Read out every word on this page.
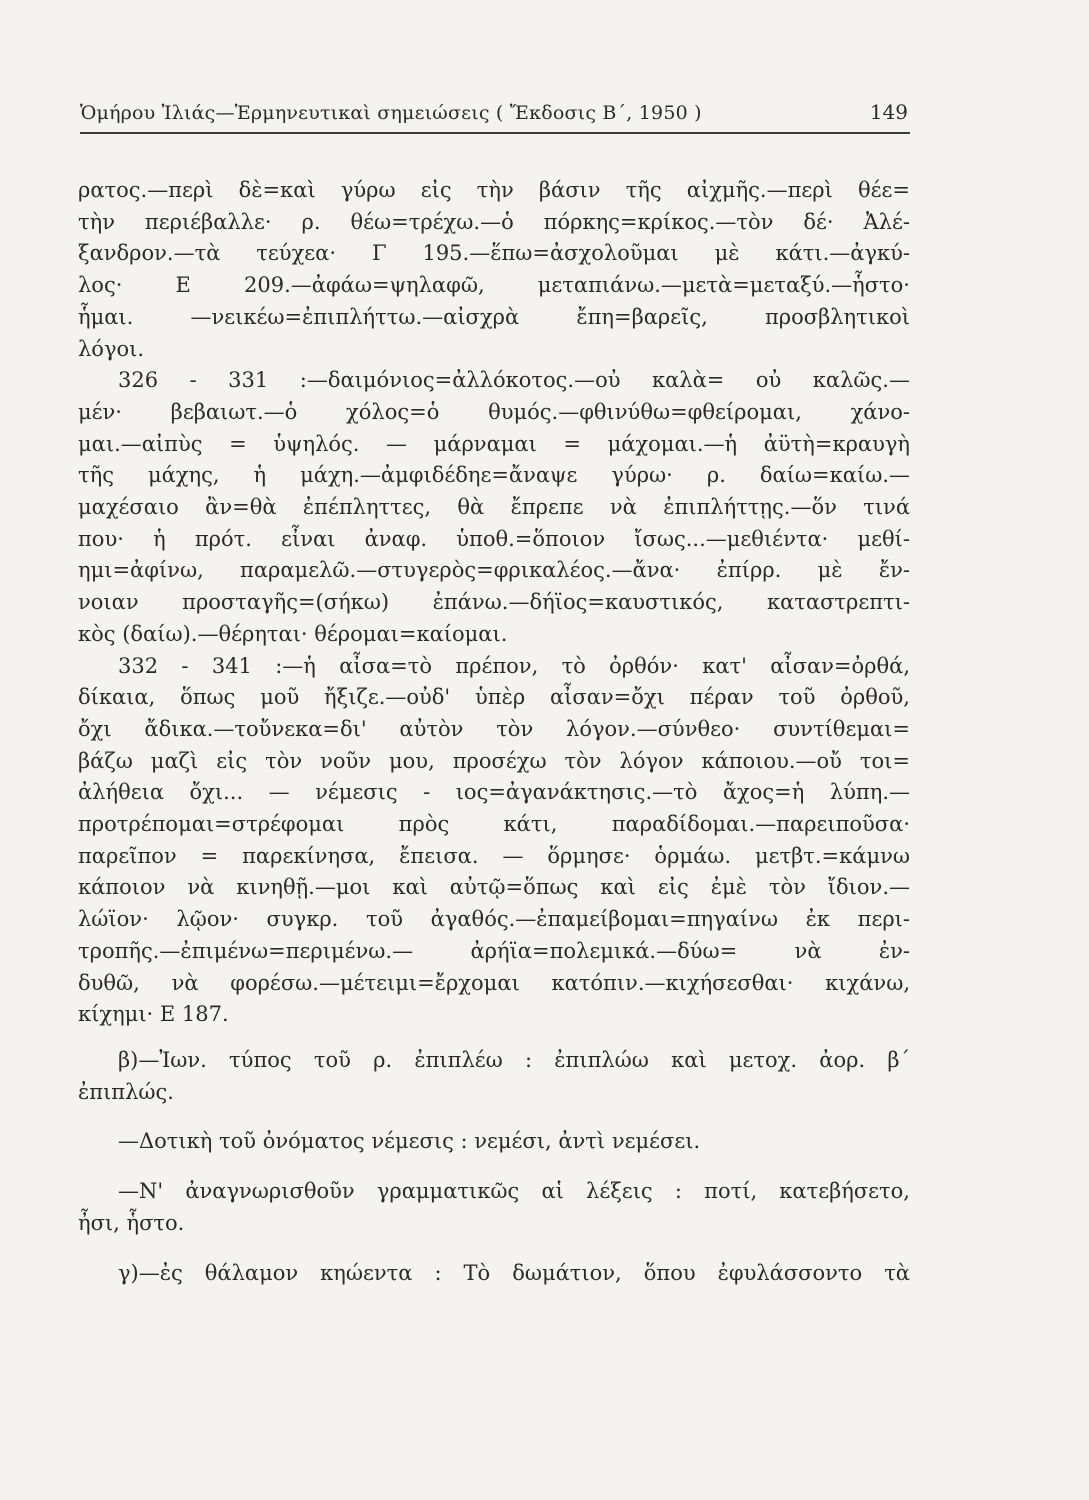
Ὁμήρου Ἰλιάς—Ἑρμηνευτικαὶ σημειώσεις ( Ἔκδοσις Β΄, 1950 )	149
ρατος.—περὶ δὲ=καὶ γύρω εἰς τὴν βάσιν τῆς αἰχμῆς.—περὶ θέε=
τὴν περιέβαλλε· ρ. θέω=τρέχω.—ὁ πόρκης=κρίκος.—τὸν δέ· Ἀλέ-
ξανδρον.—τὰ τεύχεα· Γ 195.—ἕπω=ἀσχολοῦμαι μὲ κάτι.—ἀγκύ-
λος· Ε 209.—ἀφάω=ψηλαφῶ, μεταπιάνω.—μετὰ=μεταξύ.—ἧστο·
ἧμαι. —νεικέω=ἐπιπλήττω.—αἰσχρὰ ἔπη=βαρεῖς, προσβλητικοὶ
λόγοι.
326 - 331 :—δαιμόνιος=ἀλλόκοτος.—οὐ καλὰ= οὐ καλῶς.—
μέν· βεβαιωτ.—ὁ χόλος=ὁ θυμός.—φθινύθω=φθείρομαι, χάνο-
μαι.—αἰπὺς = ὑψηλός. — μάρναμαι = μάχομαι.—ἡ ἀϋτὴ=κραυγὴ
τῆς μάχης, ἡ μάχη.—ἀμφιδέδηε=ἄναψε γύρω· ρ. δαίω=καίω.—
μαχέσαιο ἂν=θὰ ἐπέπληττες, θὰ ἔπρεπε νὰ ἐπιπλήττῃς.—ὅν τινά
που· ἡ πρότ. εἶναι ἀναφ. ὑποθ.=ὅποιον ἴσως...—μεθιέντα· μεθί-
ημι=ἀφίνω, παραμελῶ.—στυγερὸς=φρικαλέος.—ἄνα· ἐπίρρ. μὲ ἔν-
νοιαν προσταγῆς=(σήκω) ἐπάνω.—δήϊος=καυστικός, καταστρεπτι-
κὸς (δαίω).—θέρηται· θέρομαι=καίομαι.
332 - 341 :—ἡ αἶσα=τὸ πρέπον, τὸ ὀρθόν· κατ' αἶσαν=ὀρθά,
δίκαια, ὅπως μοῦ ἤξιζε.—οὐδ' ὑπὲρ αἶσαν=ὄχι πέραν τοῦ ὀρθοῦ,
ὄχι ἄδικα.—τοὔνεκα=δι' αὐτὸν τὸν λόγον.—σύνθεο· συντίθεμαι=
βάζω μαζὶ εἰς τὸν νοῦν μου, προσέχω τὸν λόγον κάποιου.—οὔ τοι=
ἀλήθεια ὄχι... — νέμεσις - ιος=ἀγανάκτησις.—τὸ ἄχος=ἡ λύπη.—
προτρέπομαι=στρέφομαι πρὸς κάτι, παραδίδομαι.—παρειποῦσα·
παρεῖπον = παρεκίνησα, ἔπεισα. — ὅρμησε· ὁρμάω. μετβτ.=κάμνω
κάποιον νὰ κινηθῇ.—μοι καὶ αὐτῷ=ὅπως καὶ εἰς ἐμὲ τὸν ἴδιον.—
λώϊον· λῷον· συγκρ. τοῦ ἀγαθός.—ἐπαμείβομαι=πηγαίνω ἐκ περι-
τροπῆς.—ἐπιμένω=περιμένω.— ἀρήϊα=πολεμικά.—δύω= νὰ ἐν-
δυθῶ, νὰ φορέσω.—μέτειμι=ἔρχομαι κατόπιν.—κιχήσεσθαι· κιχάνω,
κίχημι· Ε 187.
β)—Ἰων. τύπος τοῦ ρ. ἐπιπλέω : ἐπιπλώω καὶ μετοχ. ἀορ. β΄
ἐπιπλώς.
—Δοτικὴ τοῦ ὀνόματος νέμεσις : νεμέσι, ἀντὶ νεμέσει.
—Ν' ἀναγνωρισθοῦν γραμματικῶς αἱ λέξεις : ποτί, κατεβήσετο,
ἦσι, ἧστο.
γ)—ἐς θάλαμον κηώεντα : Τὸ δωμάτιον, ὅπου ἐφυλάσσοντο τὰ
